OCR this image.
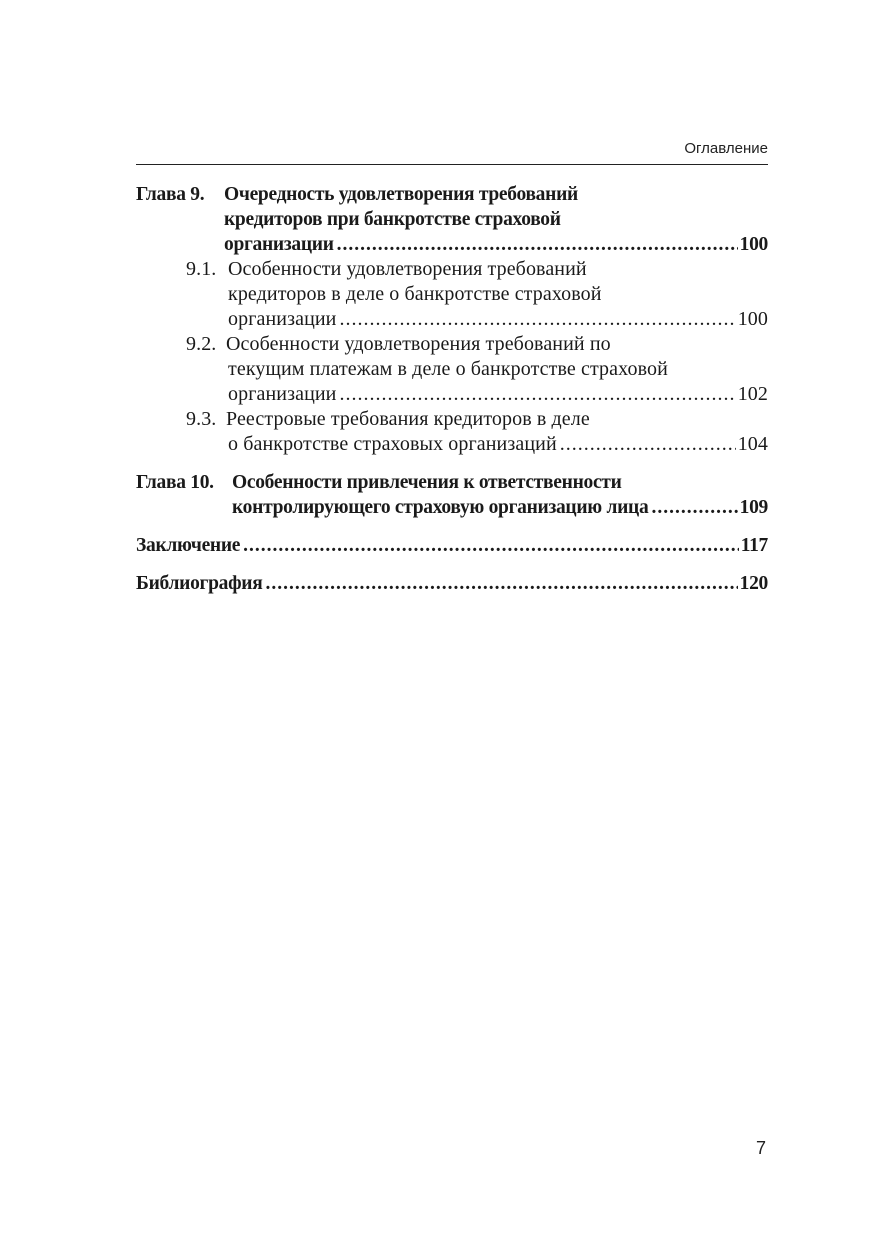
Оглавление
Глава 9. Очередность удовлетворения требований
кредиторов при банкротстве страховой
организации .....	100
9.1. Особенности удовлетворения требований
кредиторов в деле о банкротстве страховой
организации .....	100
9.2. Особенности удовлетворения требований по
текущим платежам в деле о банкротстве страховой
организации .....	102
9.3. Реестровые требования кредиторов в деле
о банкротстве страховых организаций .....	104
Глава 10. Особенности привлечения к ответственности
контролирующего страховую организацию лица .....	109
Заключение .....	117
Библиография .....	120
7
